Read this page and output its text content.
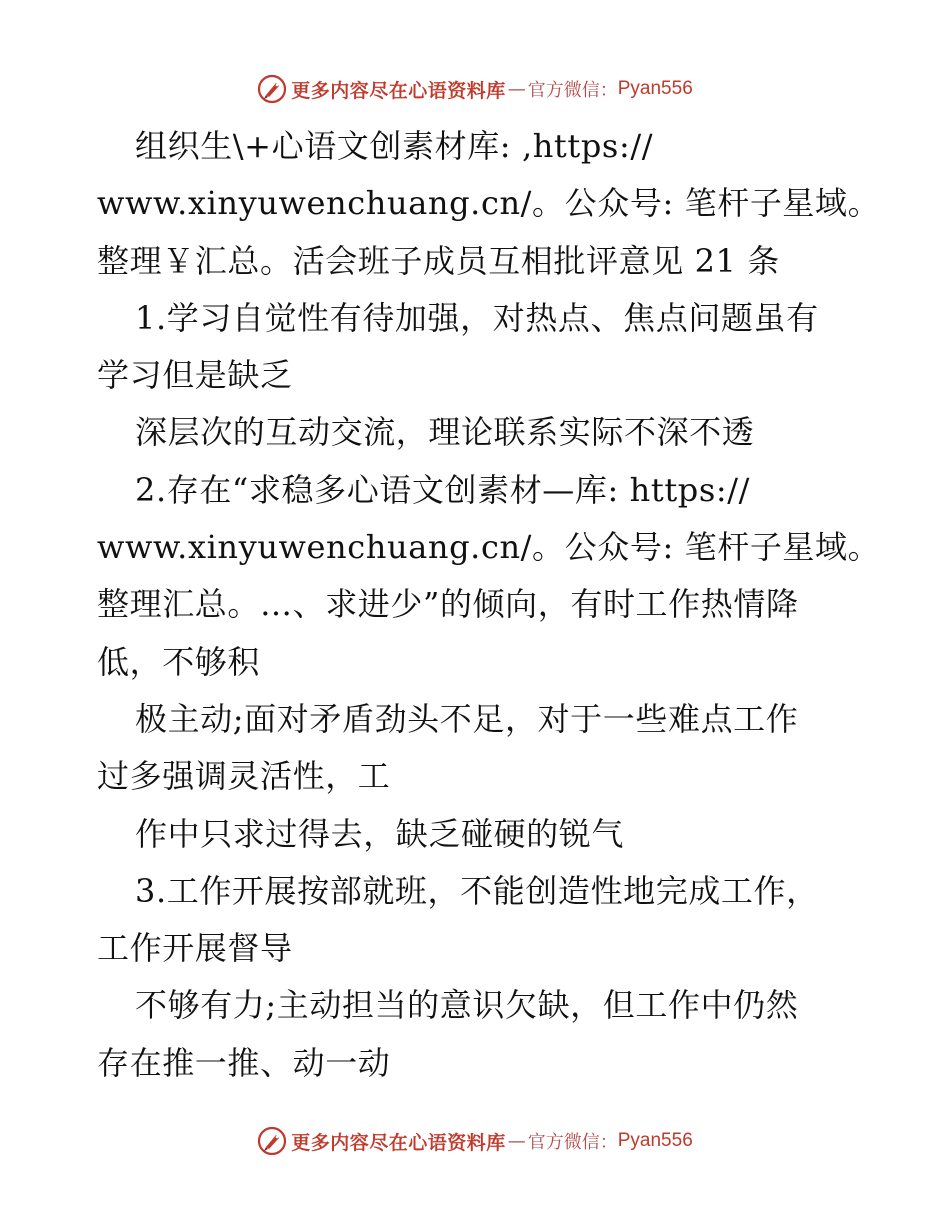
更多内容尽在心语资料库 — 官方微信： Pyan556
组织生\+心语文创素材库: ,https://
www.xinyuwenchuang.cn/。公众号: 笔杆子星域。
整理￥汇总。活会班子成员互相批评意见 21 条
1.学习自觉性有待加强，对热点、焦点问题虽有
学习但是缺乏
深层次的互动交流，理论联系实际不深不透
2.存在“求稳多心语文创素材—库: https://
www.xinyuwenchuang.cn/。公众号: 笔杆子星域。
整理汇总。…、求进少”的倾向，有时工作热情降
低，不够积
极主动;面对矛盾劲头不足，对于一些难点工作
过多强调灵活性，工
作中只求过得去，缺乏碰硬的锐气
3.工作开展按部就班，不能创造性地完成工作，
工作开展督导
不够有力;主动担当的意识欠缺，但工作中仍然
存在推一推、动一动
更多内容尽在心语资料库 — 官方微信： Pyan556
